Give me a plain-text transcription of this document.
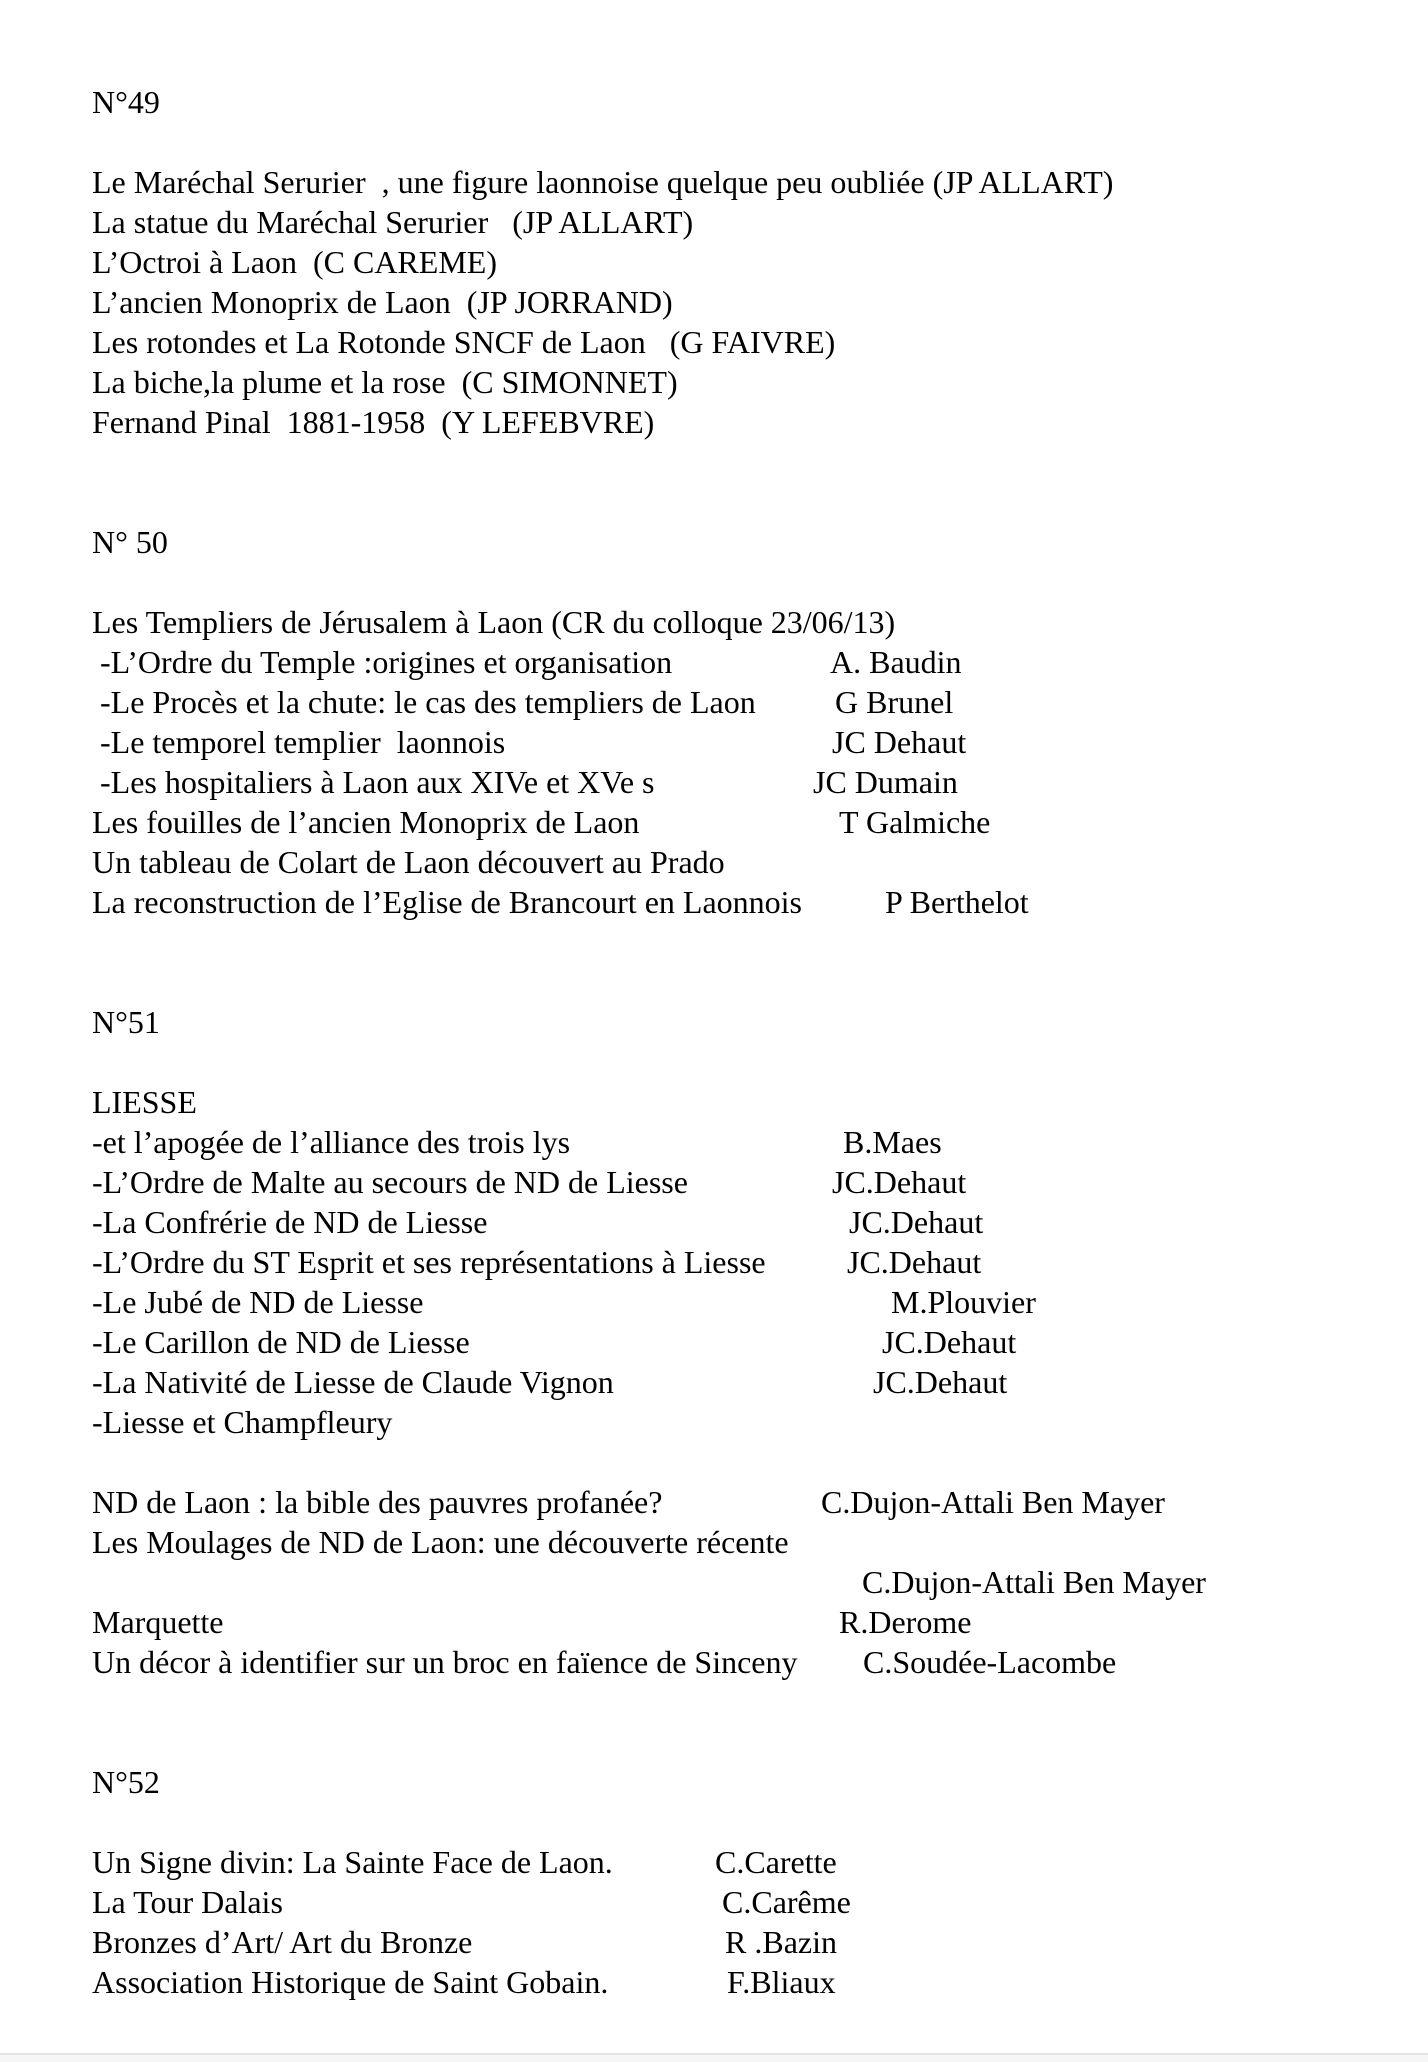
N°49
Le Maréchal Serurier  , une figure laonnoise quelque peu oubliée (JP ALLART)
La statue du Maréchal Serurier   (JP ALLART)
L’Octroi à Laon  (C CAREME)
L’ancien Monoprix de Laon  (JP JORRAND)
Les rotondes et La Rotonde SNCF de Laon   (G FAIVRE)
La biche,la plume et la rose  (C SIMONNET)
Fernand Pinal  1881-1958  (Y LEFEBVRE)
N° 50
Les Templiers de Jérusalem à Laon (CR du colloque 23/06/13)
-L’Ordre du Temple :origines et organisation	A. Baudin
-Le Procès et la chute: le cas des templiers de Laon G Brunel
-Le temporel templier  laonnois	JC Dehaut
-Les hospitaliers à Laon aux XIVe et XVe s	JC Dumain
Les fouilles de l’ancien Monoprix de Laon	T Galmiche
Un tableau de Colart de Laon découvert au Prado
La reconstruction de l’Eglise de Brancourt en Laonnois	P Berthelot
N°51
LIESSE
-et l’apogée de l’alliance des trois lys	B.Maes
-L’Ordre de Malte au secours de ND de Liesse	JC.Dehaut
-La Confrérie de ND de Liesse	JC.Dehaut
-L’Ordre du ST Esprit et ses représentations à Liesse	JC.Dehaut
-Le Jubé de ND de Liesse	M.Plouvier
-Le Carillon de ND de Liesse	JC.Dehaut
-La Nativité de Liesse de Claude Vignon	JC.Dehaut
-Liesse et Champfleury
ND de Laon : la bible des pauvres profanée?	C.Dujon-Attali Ben Mayer
Les Moulages de ND de Laon: une découverte récente
C.Dujon-Attali Ben Mayer
Marquette	R.Derome
Un décor à identifier sur un broc en faïence de Sinceny C.Soudée-Lacombe
N°52
Un Signe divin: La Sainte Face de Laon.	C.Carette
La Tour Dalais	C.Carême
Bronzes d’Art/ Art du Bronze	R .Bazin
Association Historique de Saint Gobain.	F.Bliaux
